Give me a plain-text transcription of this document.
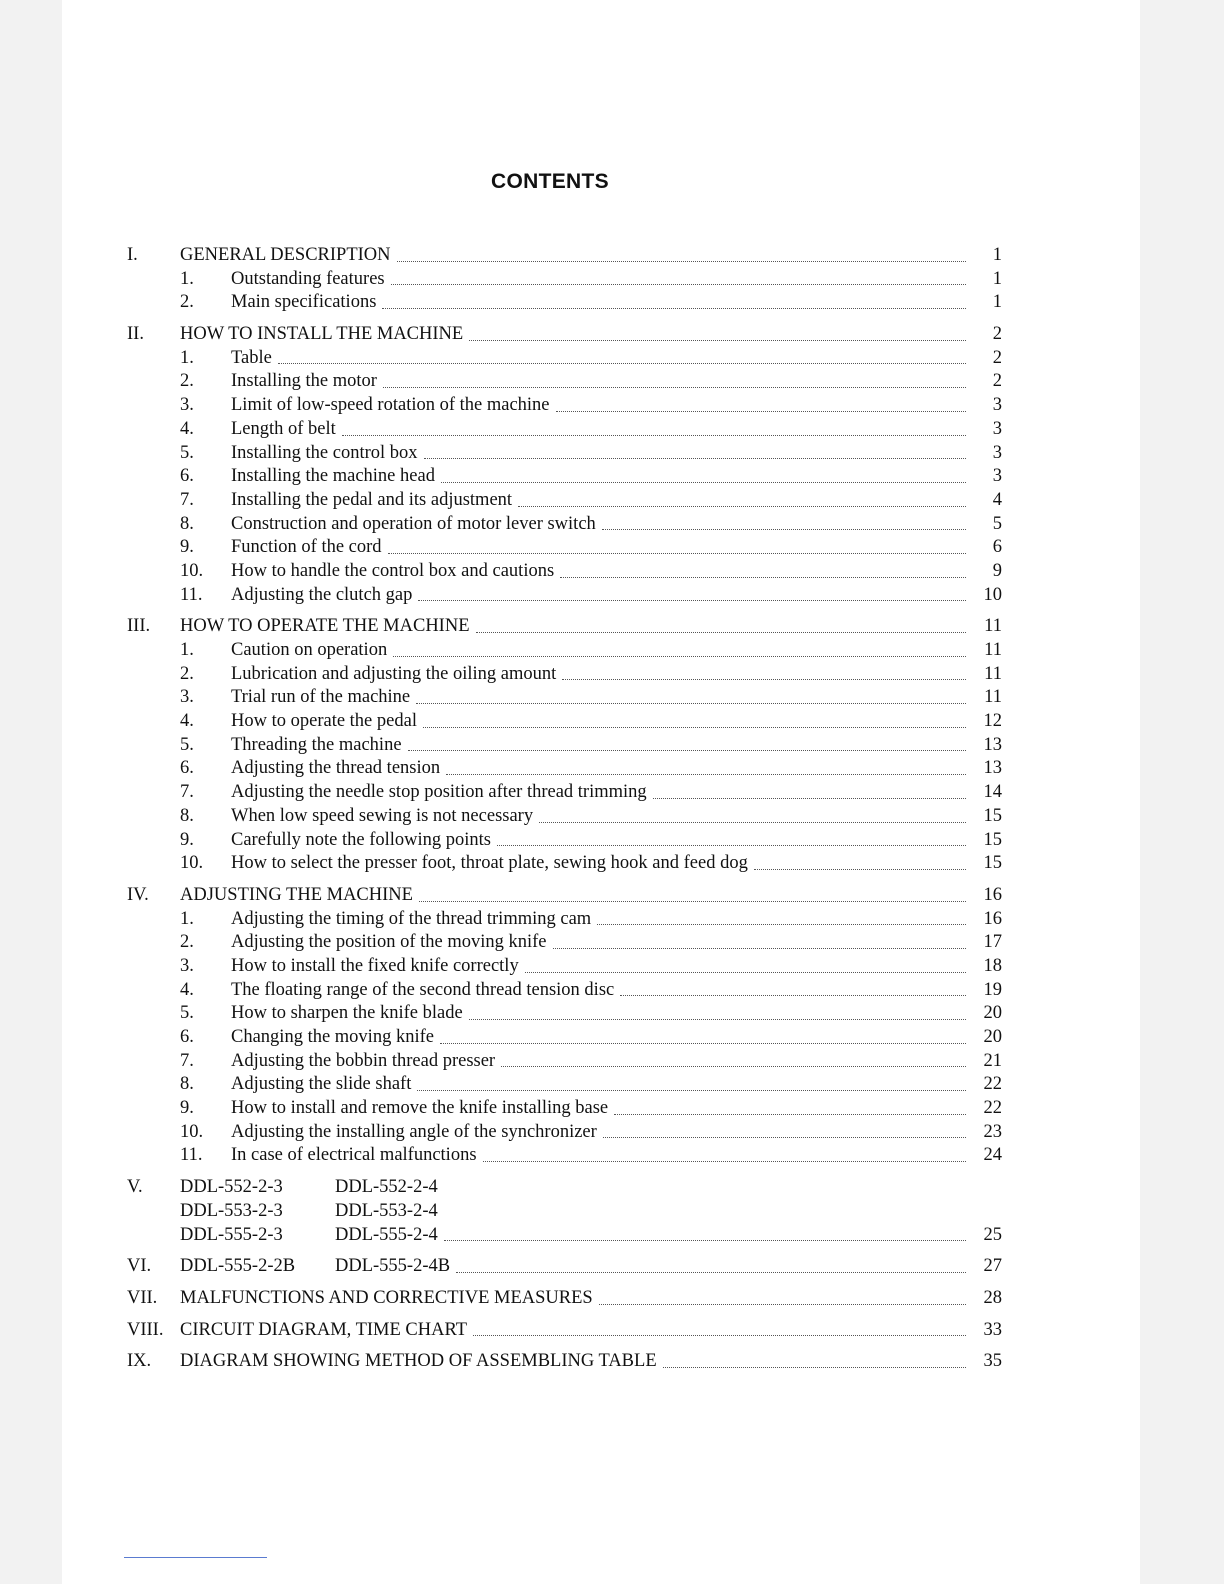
CONTENTS
I.	GENERAL DESCRIPTION	1
1.	Outstanding features	1
2.	Main specifications	1
II.	HOW TO INSTALL THE MACHINE	2
1.	Table	2
2.	Installing the motor	2
3.	Limit of low-speed rotation of the machine	3
4.	Length of belt	3
5.	Installing the control box	3
6.	Installing the machine head	3
7.	Installing the pedal and its adjustment	4
8.	Construction and operation of motor lever switch	5
9.	Function of the cord	6
10.	How to handle the control box and cautions	9
11.	Adjusting the clutch gap	10
III.	HOW TO OPERATE THE MACHINE	11
1.	Caution on operation	11
2.	Lubrication and adjusting the oiling amount	11
3.	Trial run of the machine	11
4.	How to operate the pedal	12
5.	Threading the machine	13
6.	Adjusting the thread tension	13
7.	Adjusting the needle stop position after thread trimming	14
8.	When low speed sewing is not necessary	15
9.	Carefully note the following points	15
10.	How to select the presser foot, throat plate, sewing hook and feed dog	15
IV.	ADJUSTING THE MACHINE	16
1.	Adjusting the timing of the thread trimming cam	16
2.	Adjusting the position of the moving knife	17
3.	How to install the fixed knife correctly	18
4.	The floating range of the second thread tension disc	19
5.	How to sharpen the knife blade	20
6.	Changing the moving knife	20
7.	Adjusting the bobbin thread presser	21
8.	Adjusting the slide shaft	22
9.	How to install and remove the knife installing base	22
10.	Adjusting the installing angle of the synchronizer	23
11.	In case of electrical malfunctions	24
V.	DDL-552-2-3	DDL-552-2-4
DDL-553-2-3	DDL-553-2-4
DDL-555-2-3	DDL-555-2-4	25
VI.	DDL-555-2-2B	DDL-555-2-4B	27
VII.	MALFUNCTIONS AND CORRECTIVE MEASURES	28
VIII. CIRCUIT DIAGRAM, TIME CHART	33
IX.	DIAGRAM SHOWING METHOD OF ASSEMBLING TABLE	35
